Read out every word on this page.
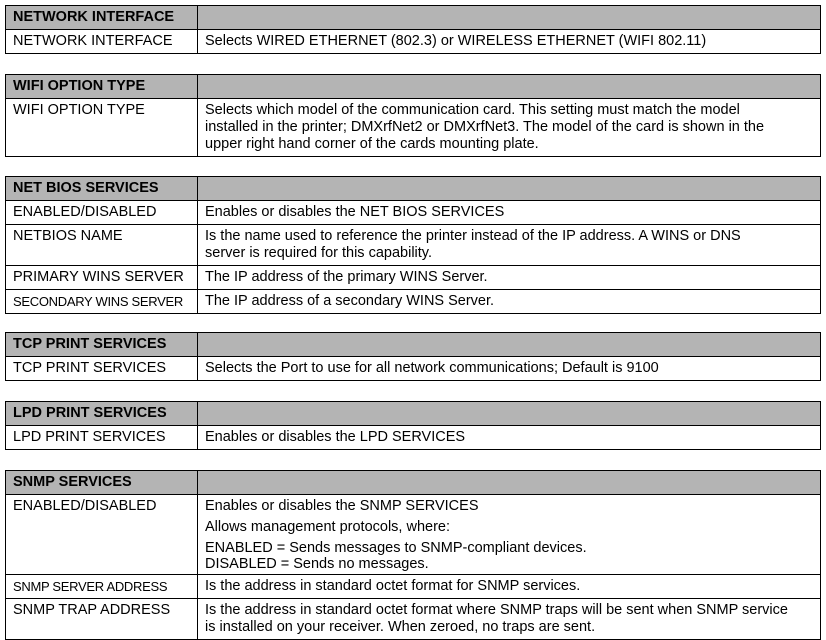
NETWORK INTERFACE	
NETWORK INTERFACE	Selects WIRED ETHERNET (802.3) or WIRELESS ETHERNET (WIFI 802.11)
WIFI OPTION TYPE	
WIFI OPTION TYPE	Selects which model of the communication card. This setting must match the model
installed in the printer; DMXrfNet2 or DMXrfNet3. The model of the card is shown in the
upper right hand corner of the cards mounting plate.
NET BIOS SERVICES	
ENABLED/DISABLED	Enables or disables the NET BIOS SERVICES
NETBIOS NAME	Is the name used to reference the printer instead of the IP address. A WINS or DNS
server is required for this capability.

PRIMARY WINS SERVER	The IP address of the primary WINS Server.
SECONDARY WINS SERVER	The IP address of a secondary WINS Server.
TCP PRINT SERVICES	
TCP PRINT SERVICES	Selects the Port to use for all network communications; Default is 9100
LPD PRINT SERVICES	
LPD PRINT SERVICES	Enables or disables the LPD SERVICES
SNMP SERVICES	
ENABLED/DISABLED	Enables or disables the SNMP SERVICES
Allows management protocols, where:
ENABLED = Sends messages to SNMP-compliant devices.
DISABLED = Sends no messages.

SNMP SERVER ADDRESS	Is the address in standard octet format for SNMP services.
SNMP TRAP ADDRESS	Is the address in standard octet format where SNMP traps will be sent when SNMP service
is installed on your receiver. When zeroed, no traps are sent.
